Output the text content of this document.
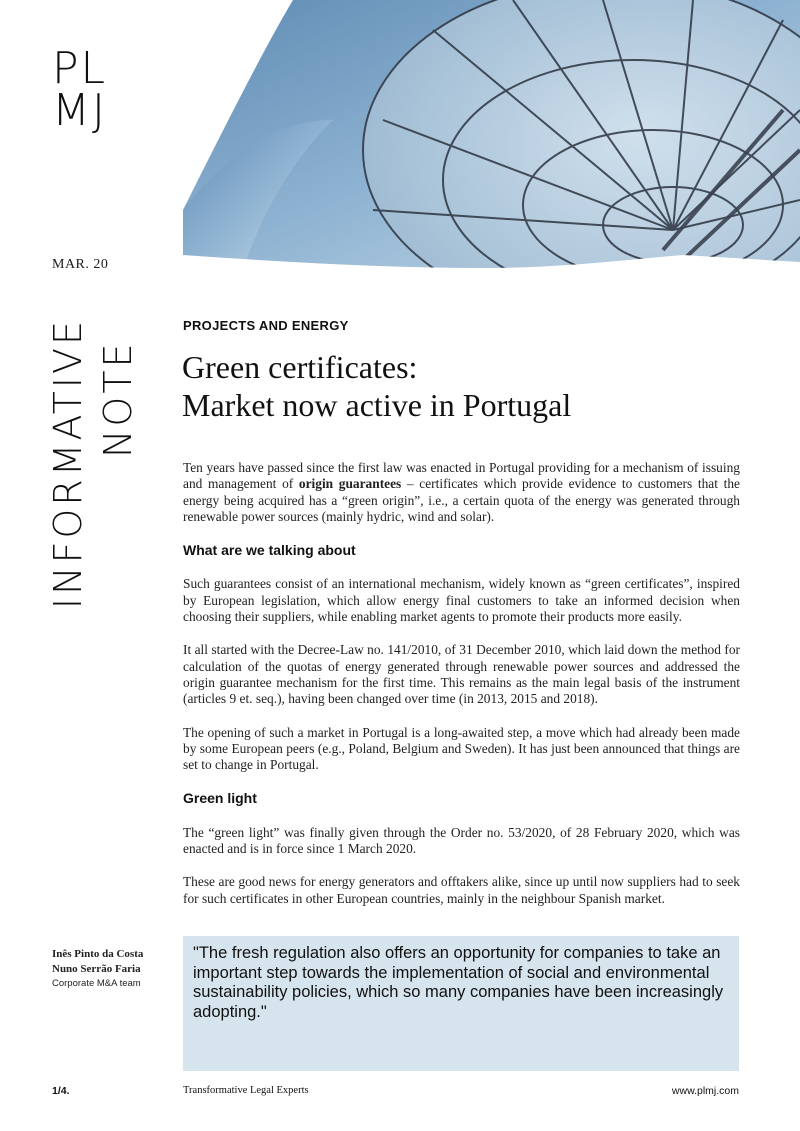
PL
MJ
MAR. 20
INFORMATIVE NOTE
PROJECTS AND ENERGY
Green certificates:
Market now active in Portugal

Ten years have passed since the first law was enacted in Portugal providing for a mechanism of issuing and management of origin guarantees – certificates which provide evidence to customers that the energy being acquired has a “green origin”, i.e., a certain quota of the energy was generated through renewable power sources (mainly hydric, wind and solar).

What are we talking about

Such guarantees consist of an international mechanism, widely known as “green certificates”, inspired by European legislation, which allow energy final customers to take an informed decision when choosing their suppliers, while enabling market agents to promote their products more easily.

It all started with the Decree-Law no. 141/2010, of 31 December 2010, which laid down the method for calculation of the quotas of energy generated through renewable power sources and addressed the origin guarantee mechanism for the first time. This remains as the main legal basis of the instrument (articles 9 et. seq.), having been changed over time (in 2013, 2015 and 2018).

The opening of such a market in Portugal is a long-awaited step, a move which had already been made by some European peers (e.g., Poland, Belgium and Sweden). It has just been announced that things are set to change in Portugal.

Green light

The “green light” was finally given through the Order no. 53/2020, of 28 February 2020, which was enacted and is in force since 1 March 2020.

These are good news for energy generators and offtakers alike, since up until now suppliers had to seek for such certificates in other European countries, mainly in the neighbour Spanish market.

Inês Pinto da Costa
Nuno Serrão Faria
Corporate M&A team
"The fresh regulation also offers an opportunity for companies to take an important step towards the implementation of social and environmental sustainability policies, which so many companies have been increasingly adopting."
1/4.	Transformative Legal Experts	www.plmj.com
